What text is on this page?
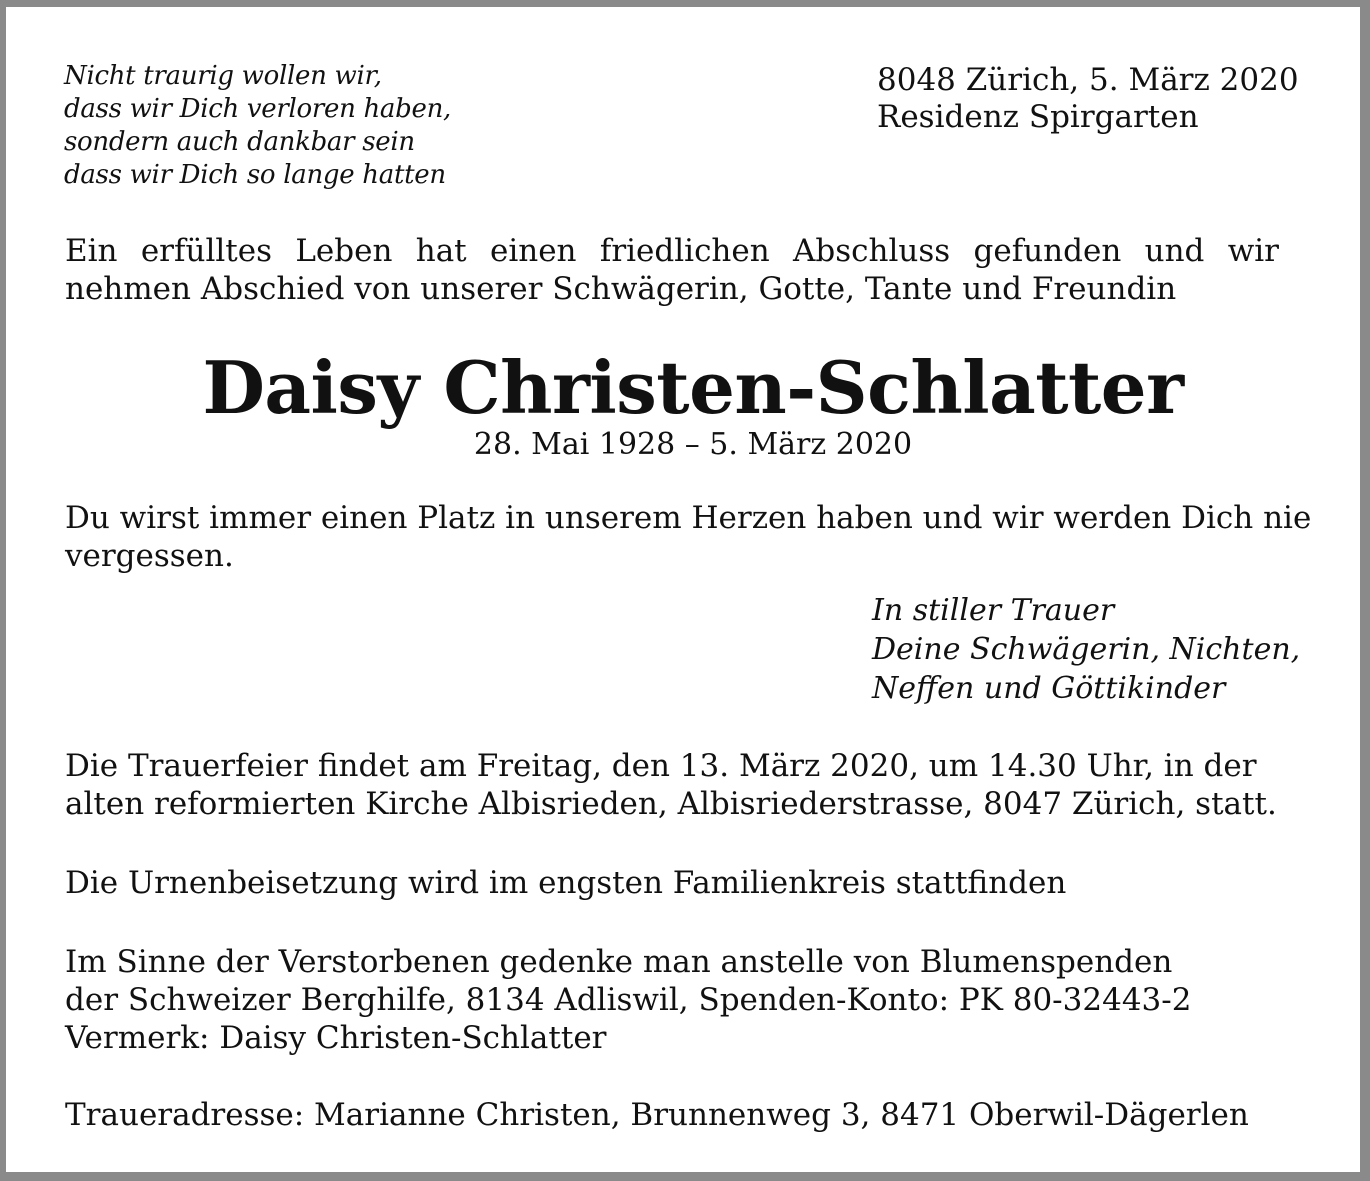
Nicht traurig wollen wir,
dass wir Dich verloren haben,
sondern auch dankbar sein
dass wir Dich so lange hatten
8048 Zürich, 5. März 2020
Residenz Spirgarten
Ein erfülltes Leben hat einen friedlichen Abschluss gefunden und wir nehmen Abschied von unserer Schwägerin, Gotte, Tante und Freundin
Daisy Christen-Schlatter
28. Mai 1928 – 5. März 2020
Du wirst immer einen Platz in unserem Herzen haben und wir werden Dich nie vergessen.
In stiller Trauer
Deine Schwägerin, Nichten,
Neffen und Göttikinder
Die Trauerfeier findet am Freitag, den 13. März 2020, um 14.30 Uhr, in der
alten reformierten Kirche Albisrieden, Albisriederstrasse, 8047 Zürich, statt.
Die Urnenbeisetzung wird im engsten Familienkreis stattfinden
Im Sinne der Verstorbenen gedenke man anstelle von Blumenspenden
der Schweizer Berghilfe, 8134 Adliswil, Spenden-Konto: PK 80-32443-2
Vermerk: Daisy Christen-Schlatter
Traueradresse: Marianne Christen, Brunnenweg 3, 8471 Oberwil-Dägerlen
